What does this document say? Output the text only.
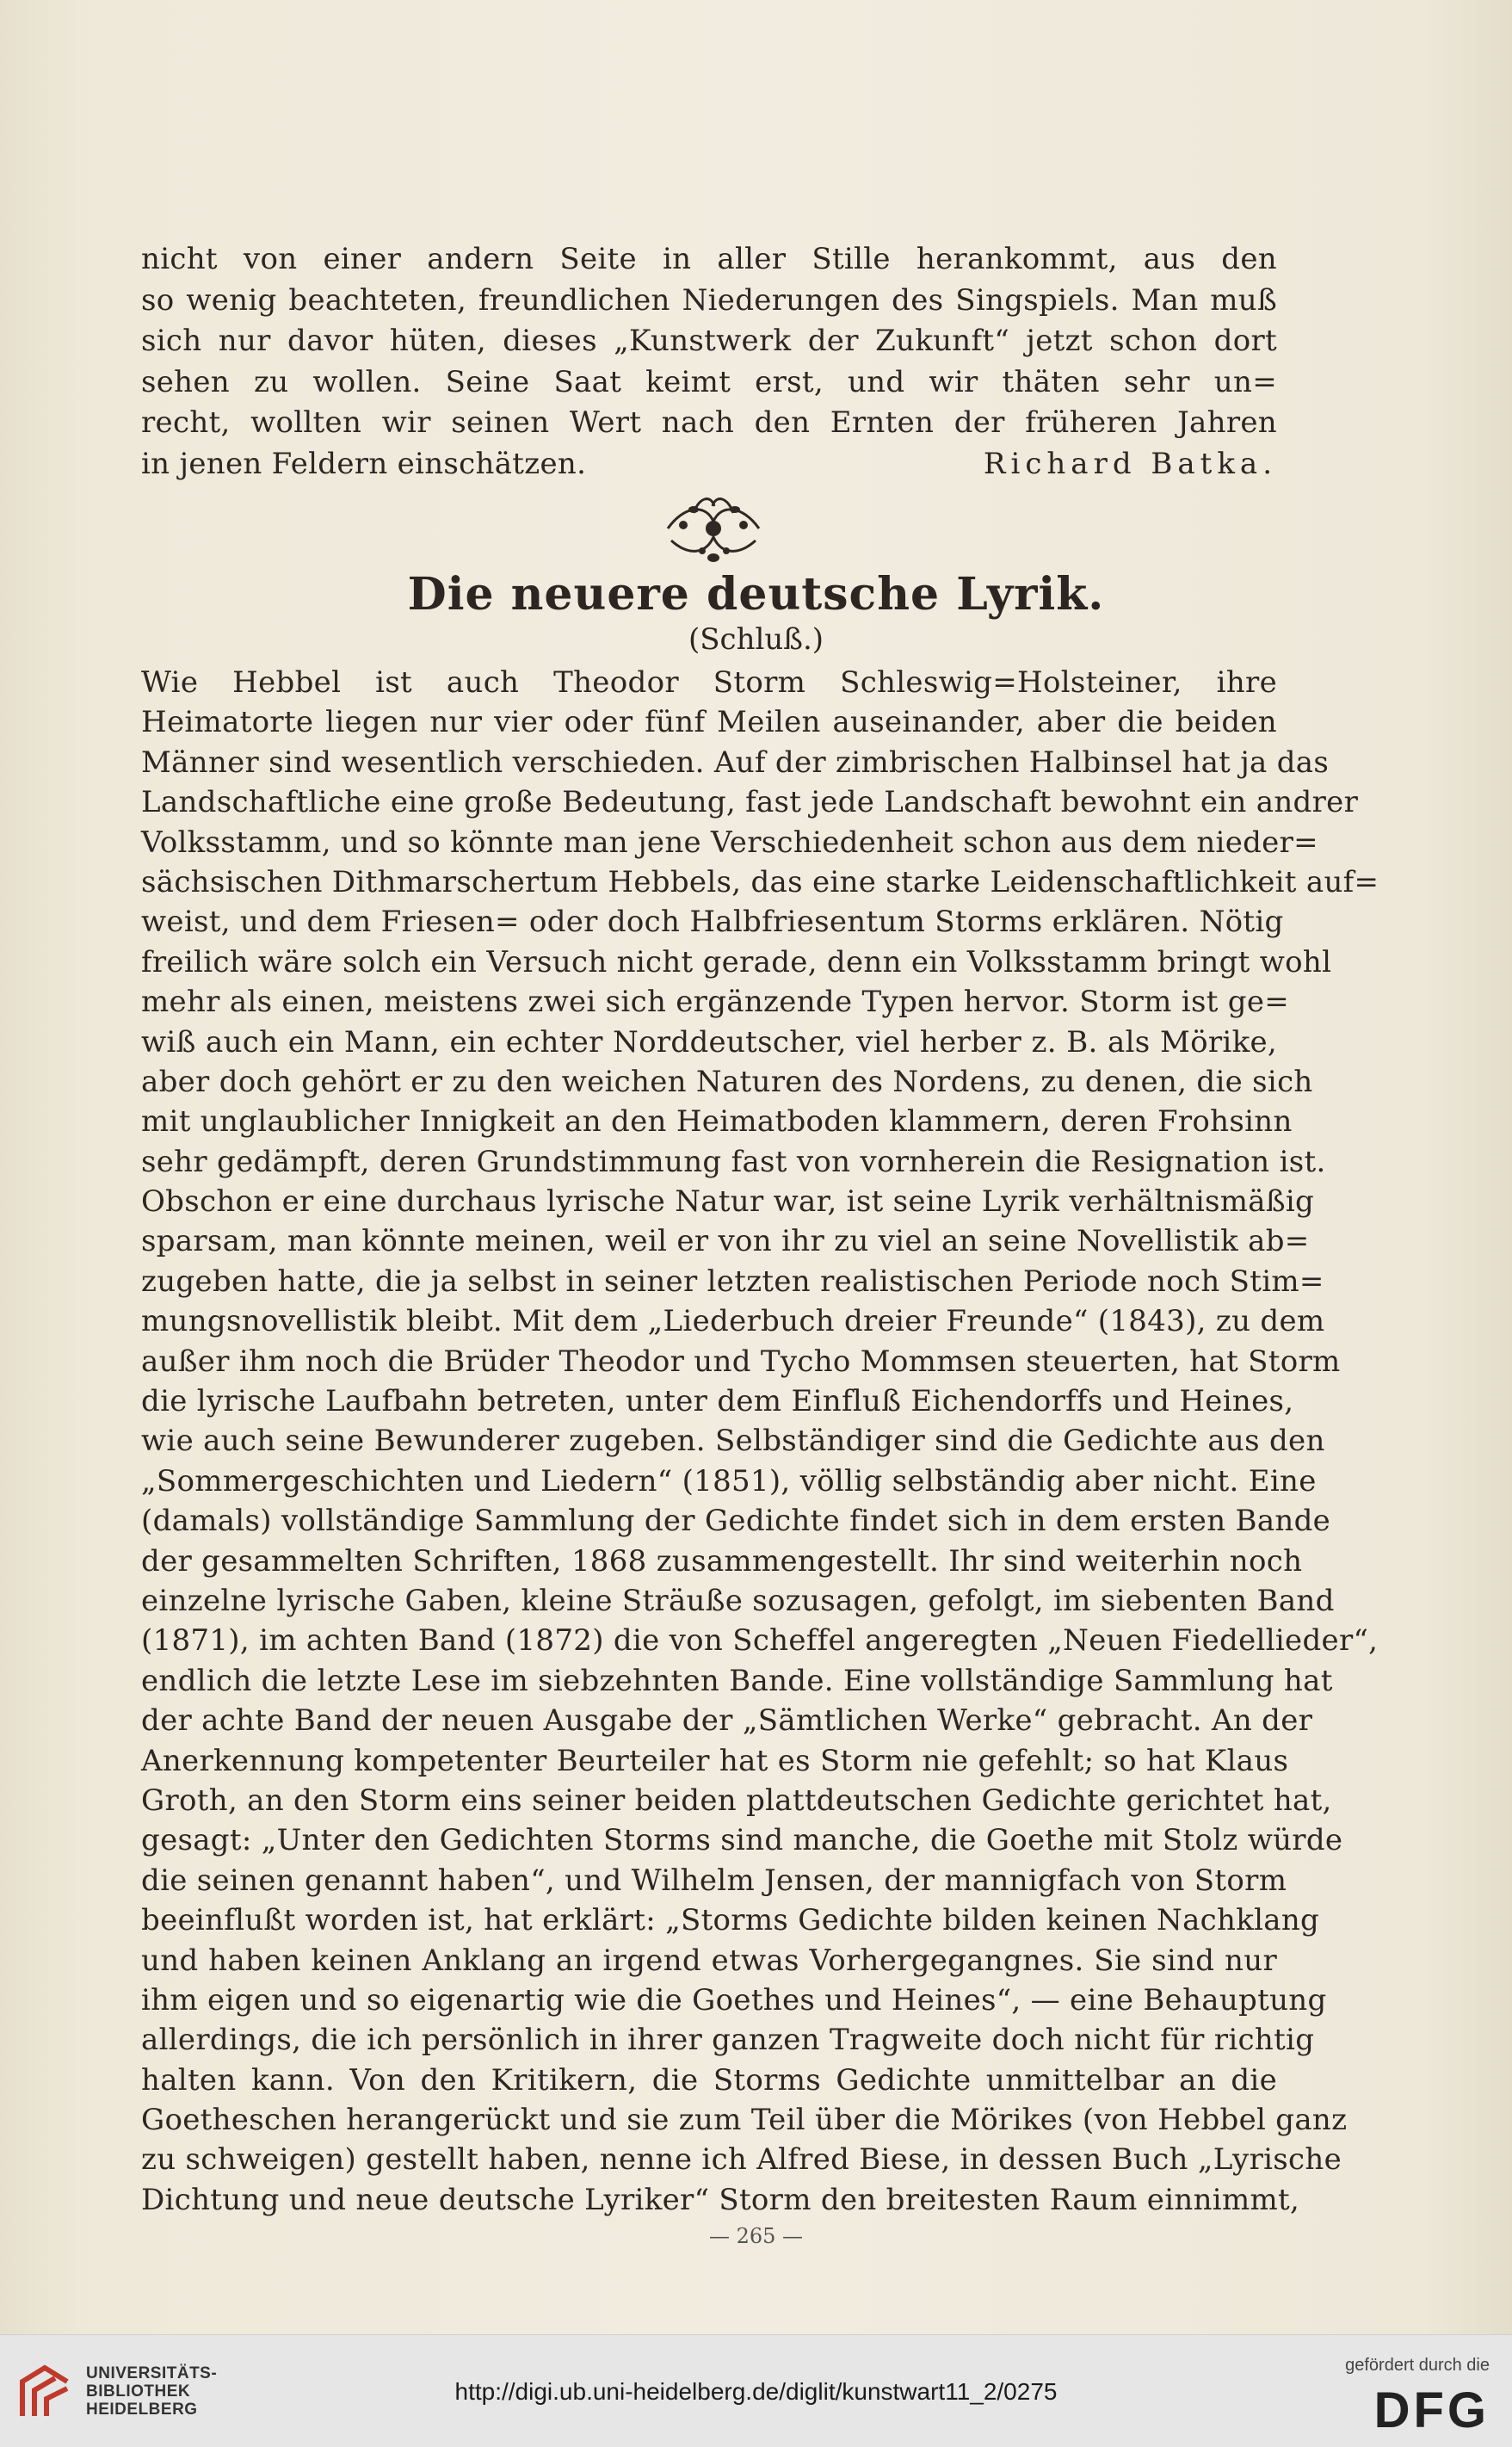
nicht von einer andern Seite in aller Stille herankommt, aus den
so wenig beachteten, freundlichen Niederungen des Singspiels. Man muß
sich nur davor hüten, dieses „Kunstwerk der Zukunft“ jetzt schon dort
sehen zu wollen. Seine Saat keimt erst, und wir thäten sehr un=
recht, wollten wir seinen Wert nach den Ernten der früheren Jahren
in jenen Feldern einschätzen.	Richard Batka.
Die neuere deutsche Lyrik.
(Schluß.)
Wie Hebbel ist auch Theodor Storm Schleswig=Holsteiner, ihre
Heimatorte liegen nur vier oder fünf Meilen auseinander, aber die beiden
Männer sind wesentlich verschieden. Auf der zimbrischen Halbinsel hat ja das
Landschaftliche eine große Bedeutung, fast jede Landschaft bewohnt ein andrer
Volksstamm, und so könnte man jene Verschiedenheit schon aus dem nieder=
sächsischen Dithmarschertum Hebbels, das eine starke Leidenschaftlichkeit auf=
weist, und dem Friesen= oder doch Halbfriesentum Storms erklären. Nötig
freilich wäre solch ein Versuch nicht gerade, denn ein Volksstamm bringt wohl
mehr als einen, meistens zwei sich ergänzende Typen hervor. Storm ist ge=
wiß auch ein Mann, ein echter Norddeutscher, viel herber z. B. als Mörike,
aber doch gehört er zu den weichen Naturen des Nordens, zu denen, die sich
mit unglaublicher Innigkeit an den Heimatboden klammern, deren Frohsinn
sehr gedämpft, deren Grundstimmung fast von vornherein die Resignation ist.
Obschon er eine durchaus lyrische Natur war, ist seine Lyrik verhältnismäßig
sparsam, man könnte meinen, weil er von ihr zu viel an seine Novellistik ab=
zugeben hatte, die ja selbst in seiner letzten realistischen Periode noch Stim=
mungsnovellistik bleibt. Mit dem „Liederbuch dreier Freunde“ (1843), zu dem
außer ihm noch die Brüder Theodor und Tycho Mommsen steuerten, hat Storm
die lyrische Laufbahn betreten, unter dem Einfluß Eichendorffs und Heines,
wie auch seine Bewunderer zugeben. Selbständiger sind die Gedichte aus den
„Sommergeschichten und Liedern“ (1851), völlig selbständig aber nicht. Eine
(damals) vollständige Sammlung der Gedichte findet sich in dem ersten Bande
der gesammelten Schriften, 1868 zusammengestellt. Ihr sind weiterhin noch
einzelne lyrische Gaben, kleine Sträuße sozusagen, gefolgt, im siebenten Band
(1871), im achten Band (1872) die von Scheffel angeregten „Neuen Fiedellieder“,
endlich die letzte Lese im siebzehnten Bande. Eine vollständige Sammlung hat
der achte Band der neuen Ausgabe der „Sämtlichen Werke“ gebracht. An der
Anerkennung kompetenter Beurteiler hat es Storm nie gefehlt; so hat Klaus
Groth, an den Storm eins seiner beiden plattdeutschen Gedichte gerichtet hat,
gesagt: „Unter den Gedichten Storms sind manche, die Goethe mit Stolz würde
die seinen genannt haben“, und Wilhelm Jensen, der mannigfach von Storm
beeinflußt worden ist, hat erklärt: „Storms Gedichte bilden keinen Nachklang
und haben keinen Anklang an irgend etwas Vorhergegangnes. Sie sind nur
ihm eigen und so eigenartig wie die Goethes und Heines“, — eine Behauptung
allerdings, die ich persönlich in ihrer ganzen Tragweite doch nicht für richtig
halten kann. Von den Kritikern, die Storms Gedichte unmittelbar an die
Goetheschen herangerückt und sie zum Teil über die Mörikes (von Hebbel ganz
zu schweigen) gestellt haben, nenne ich Alfred Biese, in dessen Buch „Lyrische
Dichtung und neue deutsche Lyriker“ Storm den breitesten Raum einnimmt,
— 265 —
UNIVERSITÄTS-
BIBLIOTHEK
HEIDELBERG
http://digi.ub.uni-heidelberg.de/diglit/kunstwart11_2/0275
gefördert durch die
DFG
